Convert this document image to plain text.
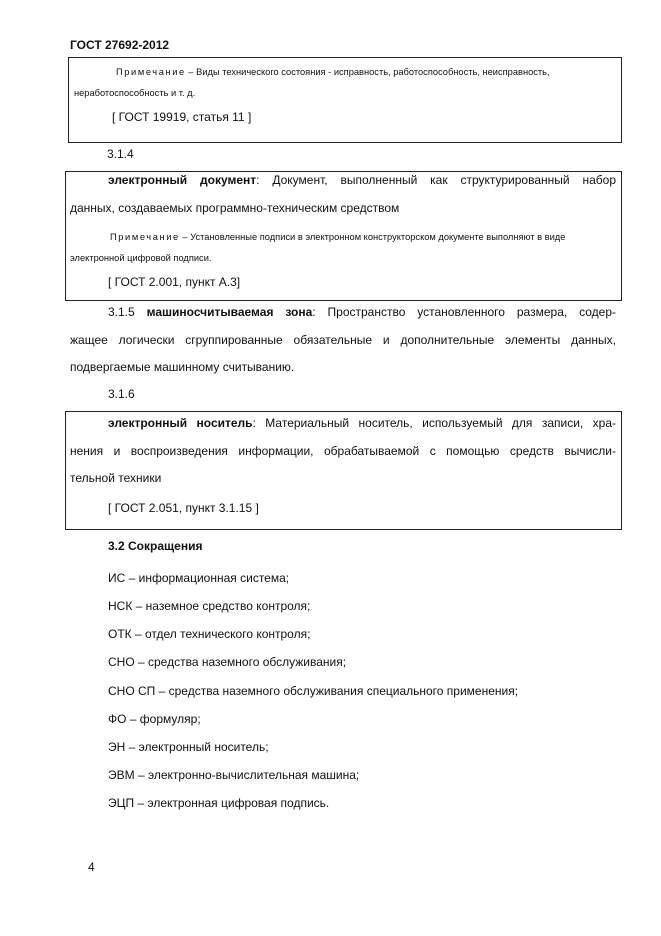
ГОСТ 27692-2012
Примечание – Виды технического состояния - исправность, работоспособность, неисправность,
неработоспособность и т. д.
[ ГОСТ 19919, статья 11 ]
3.1.4
электронный документ: Документ, выполненный как структурированный набор
данных, создаваемых программно-техническим средством
Примечание – Установленные подписи в электронном конструкторском документе выполняют в виде
электронной цифровой подписи.
[ ГОСТ 2.001, пункт А.3]
3.1.5 машиносчитываемая зона: Пространство установленного размера, содер-
жащее логически сгруппированные обязательные и дополнительные элементы данных,
подвергаемые машинному считыванию.
3.1.6
электронный носитель: Материальный носитель, используемый для записи, хра-
нения и воспроизведения информации, обрабатываемой с помощью средств вычисли-
тельной техники
[ ГОСТ 2.051, пункт 3.1.15 ]
3.2 Сокращения
ИС – информационная система;
НСК – наземное средство контроля;
ОТК – отдел технического контроля;
СНО – средства наземного обслуживания;
СНО СП – средства наземного обслуживания специального применения;
ФО – формуляр;
ЭН – электронный носитель;
ЭВМ – электронно-вычислительная машина;
ЭЦП – электронная цифровая подпись.
4
